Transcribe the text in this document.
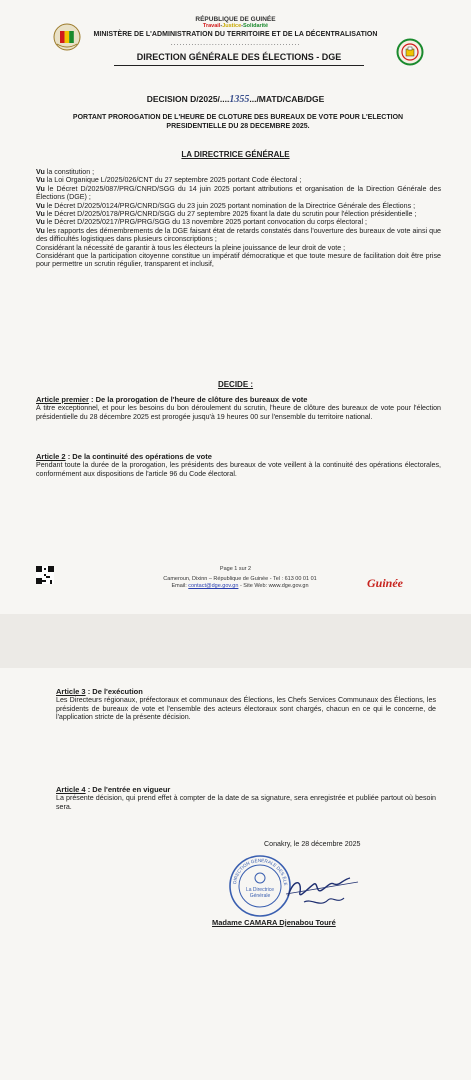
RÉPUBLIQUE DE GUINÉE
Travail-Justice-Solidarité
MINISTÈRE DE L'ADMINISTRATION DU TERRITOIRE ET DE LA DÉCENTRALISATION
............................................
DIRECTION GÉNÉRALE DES ÉLECTIONS - DGE
DECISION D/2025/....1355.../MATD/CAB/DGE
PORTANT PROROGATION DE L'HEURE DE CLOTURE DES BUREAUX DE VOTE POUR L'ELECTION PRESIDENTIELLE DU 28 DECEMBRE 2025.
LA DIRECTRICE GÉNÉRALE

Vu la constitution ;

Vu la Loi Organique L/2025/026/CNT du 27 septembre 2025 portant Code électoral ;

Vu le Décret D/2025/087/PRG/CNRD/SGG du 14 juin 2025 portant attributions et organisation de la Direction Générale des Élections (DGE) ;

Vu le Décret D/2025/0124/PRG/CNRD/SGG du 23 juin 2025 portant nomination de la Directrice Générale des Élections ;

Vu le Décret D/2025/0178/PRG/CNRD/SGG du 27 septembre 2025 fixant la date du scrutin pour l'élection présidentielle ;

Vu le Décret D/2025/0217/PRG/PRG/SGG du 13 novembre 2025 portant convocation du corps électoral ;

Vu les rapports des démembrements de la DGE faisant état de retards constatés dans l'ouverture des bureaux de vote ainsi que des difficultés logistiques dans plusieurs circonscriptions ;

Considérant la nécessité de garantir à tous les électeurs la pleine jouissance de leur droit de vote ;

Considérant que la participation citoyenne constitue un impératif démocratique et que toute mesure de facilitation doit être prise pour permettre un scrutin régulier, transparent et inclusif,

DECIDE :
Article premier : De la prorogation de l'heure de clôture des bureaux de vote

À titre exceptionnel, et pour les besoins du bon déroulement du scrutin, l'heure de clôture des bureaux de vote pour l'élection présidentielle du 28 décembre 2025 est prorogée jusqu'à 19 heures 00 sur l'ensemble du territoire national.

Article 2 : De la continuité des opérations de vote

Pendant toute la durée de la prorogation, les présidents des bureaux de vote veillent à la continuité des opérations électorales, conformément aux dispositions de l'article 96 du Code électoral.

Page 1 sur 2
Cameroun, Dixinn – République de Guinée - Tel : 613 00 01 01
Email: contact@dge.gov.gn - Site Web: www.dge.gov.gn	Guinée
Article 3 : De l'exécution

Les Directeurs régionaux, préfectoraux et communaux des Élections, les Chefs Services Communaux des Élections, les présidents de bureaux de vote et l'ensemble des acteurs électoraux sont chargés, chacun en ce qui le concerne, de l'application stricte de la présente décision.

Article 4 : De l'entrée en vigueur

La présente décision, qui prend effet à compter de la date de sa signature, sera enregistrée et publiée partout où besoin sera.

Conakry, le 28 décembre 2025
La Directrice
Générale
DIRECTION GÉNÉRALE DES ÉLE
Madame CAMARA Djenabou Touré
